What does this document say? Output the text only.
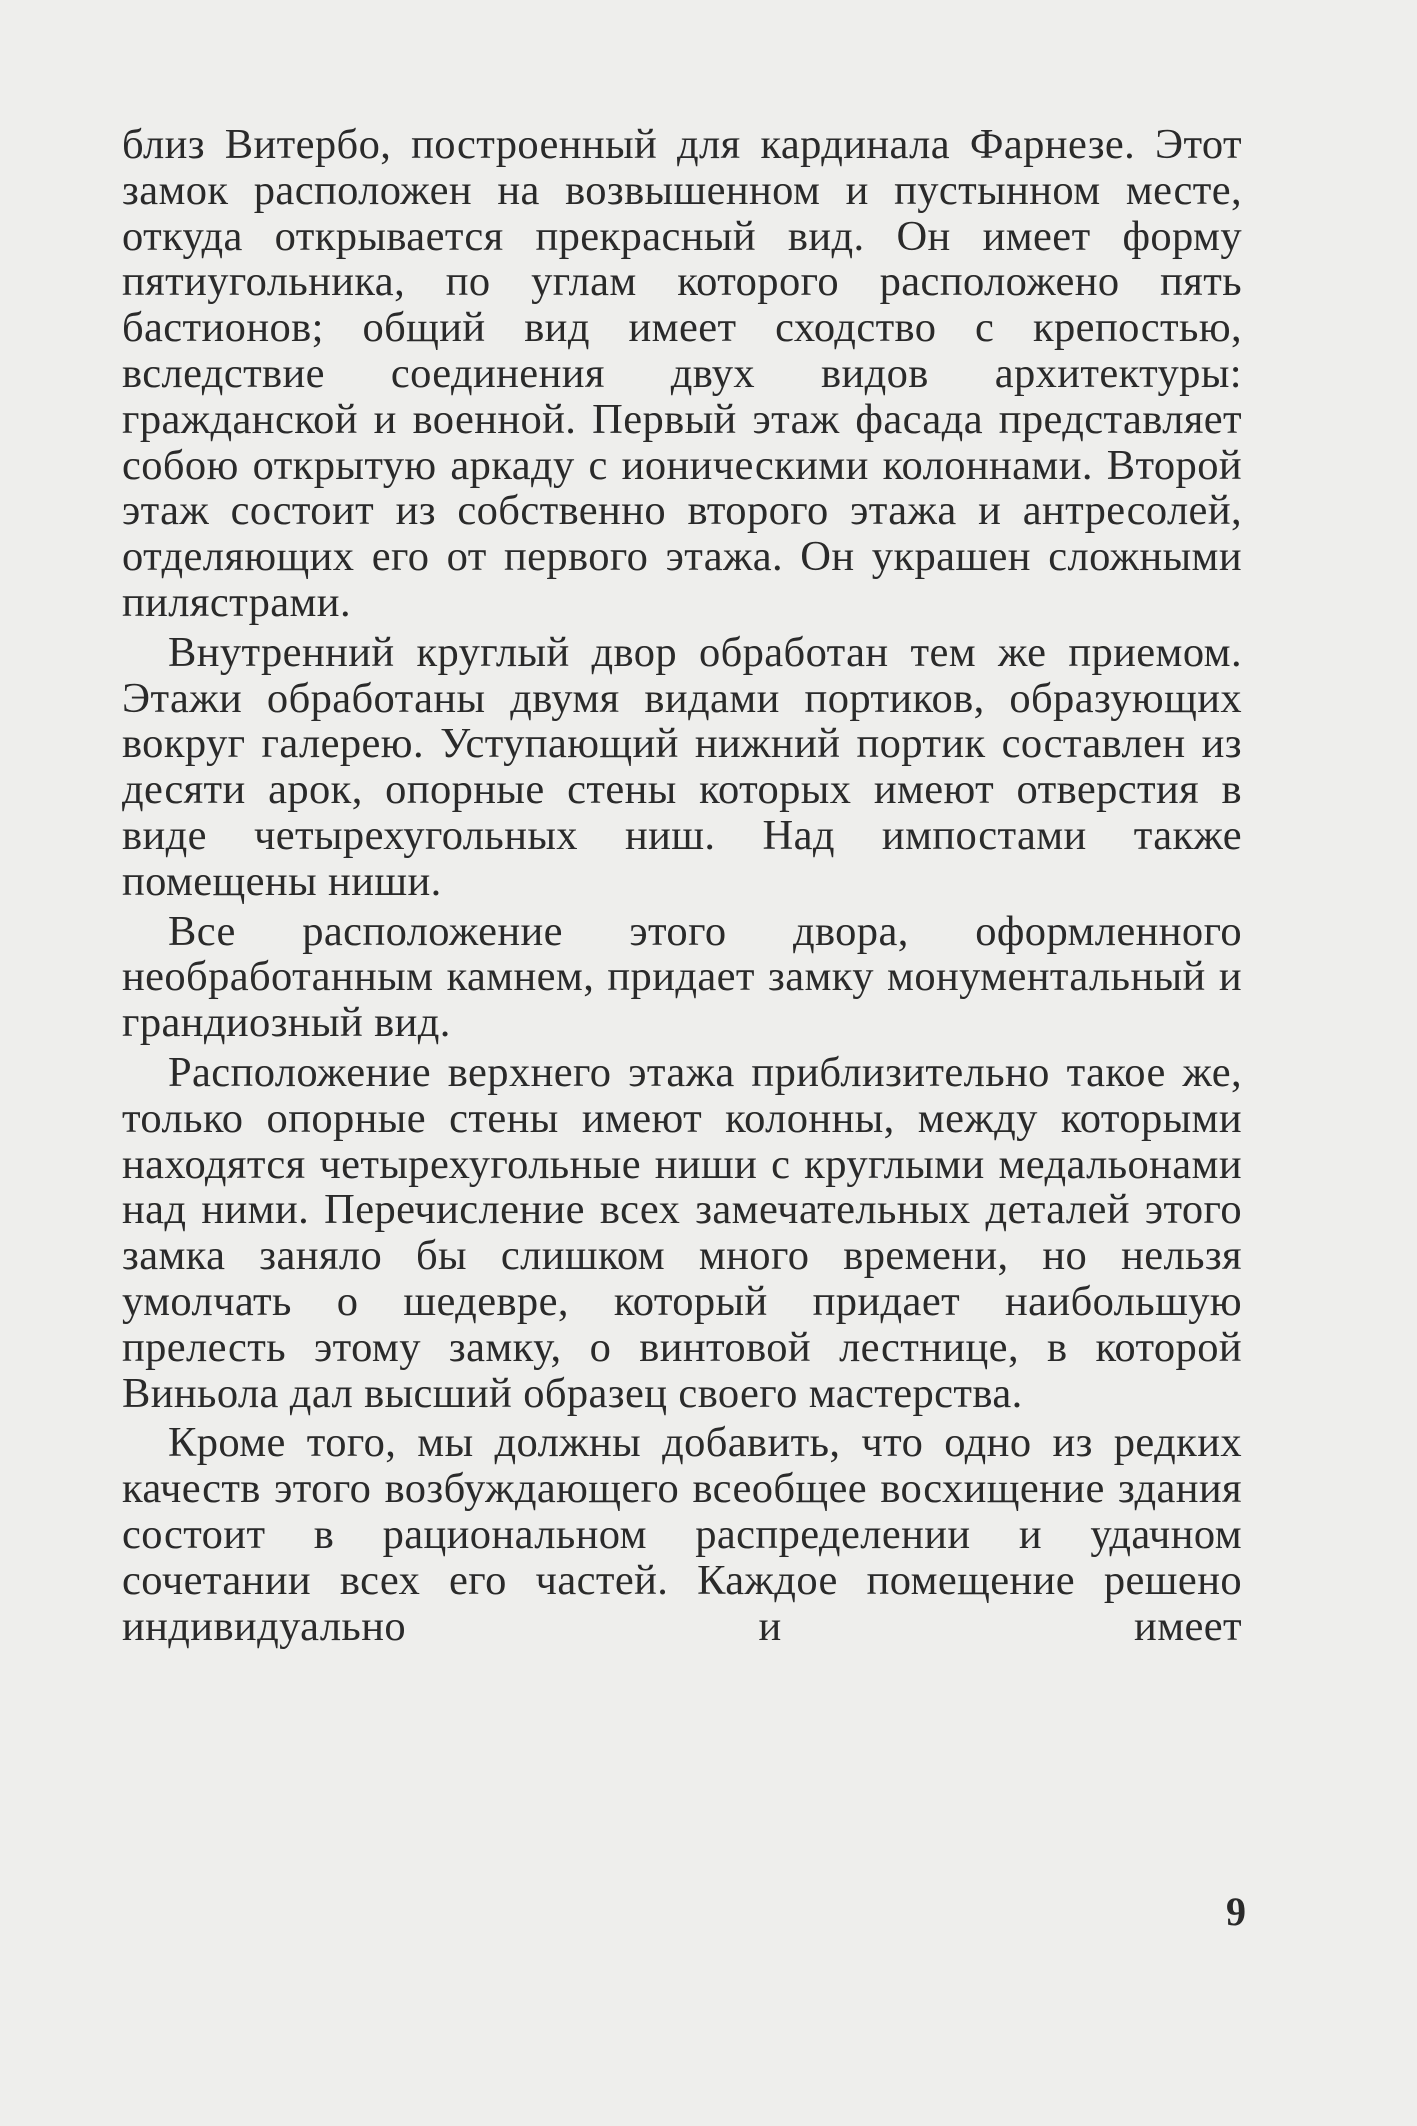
близ Витербо, построенный для кардинала Фарнезе. Этот замок расположен на возвышенном и пустынном месте, откуда открывается прекрасный вид. Он имеет форму пятиугольника, по углам которого расположено пять бастионов; общий вид имеет сходство с крепостью, вследствие соединения двух видов архитектуры: гражданской и военной. Первый этаж фасада представляет собою открытую аркаду с ионическими колоннами. Второй этаж состоит из собственно второго этажа и антресолей, отделяющих его от первого этажа. Он украшен сложными пилястрами.

Внутренний круглый двор обработан тем же приемом. Этажи обработаны двумя видами портиков, образующих вокруг галерею. Уступающий нижний портик составлен из десяти арок, опорные стены которых имеют отверстия в виде четырехугольных ниш. Над импостами также помещены ниши.

Все расположение этого двора, оформленного необработанным камнем, придает замку монументальный и грандиозный вид.

Расположение верхнего этажа приблизительно такое же, только опорные стены имеют колонны, между которыми находятся четырехугольные ниши с круглыми медальонами над ними. Перечисление всех замечательных деталей этого замка заняло бы слишком много времени, но нельзя умолчать о шедевре, который придает наибольшую прелесть этому замку, о винтовой лестнице, в которой Виньола дал высший образец своего мастерства.

Кроме того, мы должны добавить, что одно из редких качеств этого возбуждающего всеобщее восхищение здания состоит в рациональном распределении и удачном сочетании всех его частей. Каждое помещение решено индивидуально и имеет

9
